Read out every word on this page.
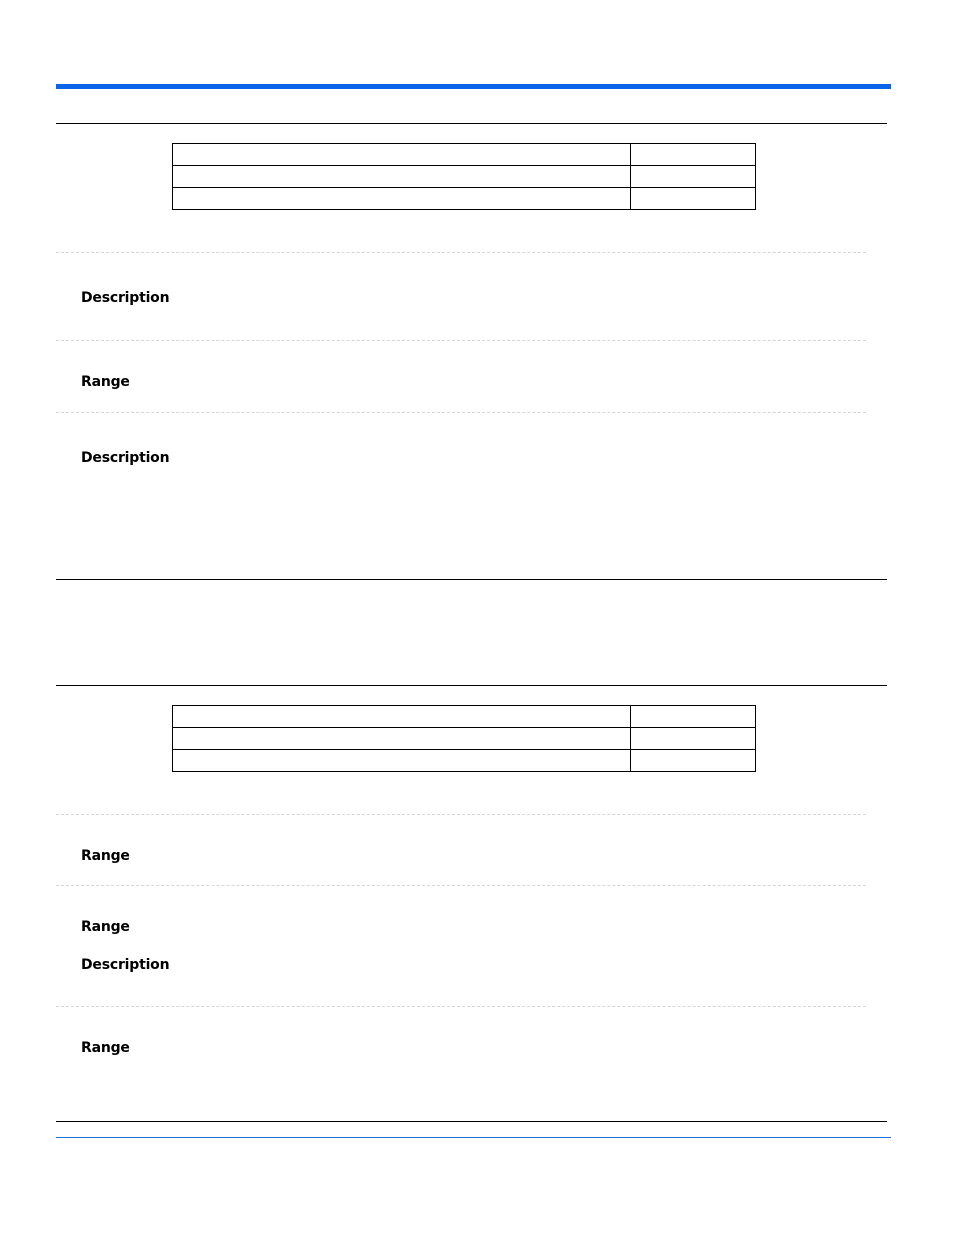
Description
Range
Description

Range
Range
Description
Range
